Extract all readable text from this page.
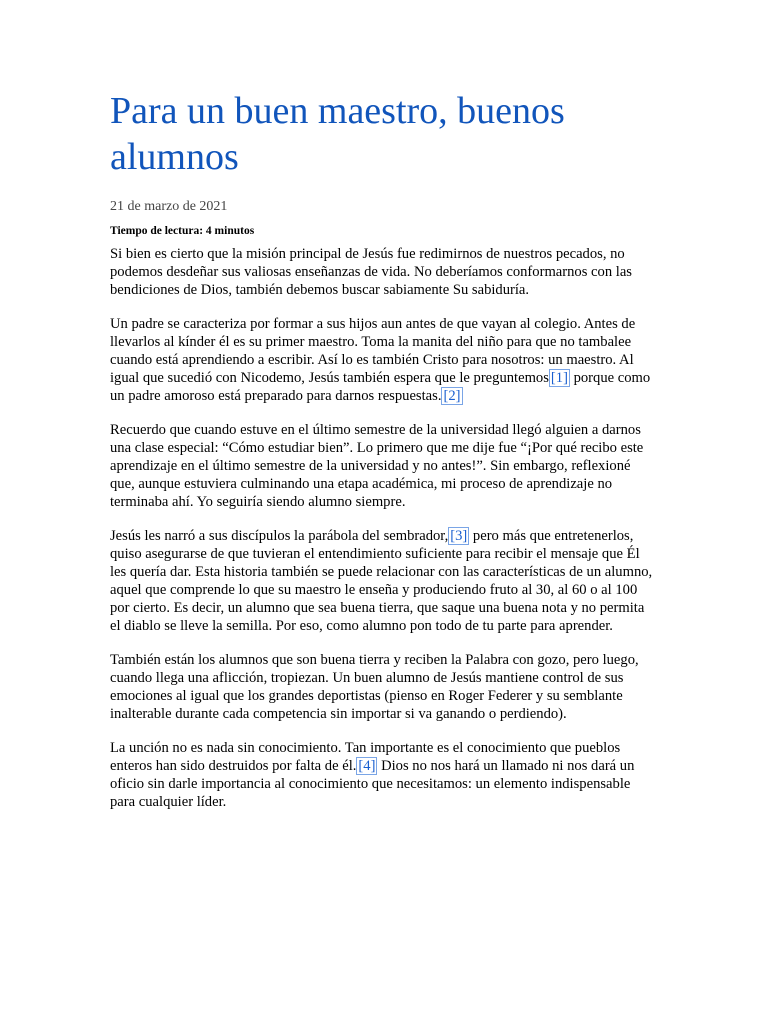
Para un buen maestro, buenos alumnos
21 de marzo de 2021
Tiempo de lectura: 4 minutos

Si bien es cierto que la misión principal de Jesús fue redimirnos de nuestros pecados, no podemos desdeñar sus valiosas enseñanzas de vida. No deberíamos conformarnos con las bendiciones de Dios, también debemos buscar sabiamente Su sabiduría.

Un padre se caracteriza por formar a sus hijos aun antes de que vayan al colegio. Antes de llevarlos al kínder él es su primer maestro. Toma la manita del niño para que no tambalee cuando está aprendiendo a escribir. Así lo es también Cristo para nosotros: un maestro. Al igual que sucedió con Nicodemo, Jesús también espera que le preguntemos [1] porque como un padre amoroso está preparado para darnos respuestas. [2]

Recuerdo que cuando estuve en el último semestre de la universidad llegó alguien a darnos una clase especial: “Cómo estudiar bien”. Lo primero que me dije fue “¡Por qué recibo este aprendizaje en el último semestre de la universidad y no antes!”. Sin embargo, reflexioné que, aunque estuviera culminando una etapa académica, mi proceso de aprendizaje no terminaba ahí. Yo seguiría siendo alumno siempre.

Jesús les narró a sus discípulos la parábola del sembrador, [3] pero más que entretenerlos, quiso asegurarse de que tuvieran el entendimiento suficiente para recibir el mensaje que Él les quería dar. Esta historia también se puede relacionar con las características de un alumno, aquel que comprende lo que su maestro le enseña y produciendo fruto al 30, al 60 o al 100 por cierto. Es decir, un alumno que sea buena tierra, que saque una buena nota y no permita el diablo se lleve la semilla. Por eso, como alumno pon todo de tu parte para aprender.

También están los alumnos que son buena tierra y reciben la Palabra con gozo, pero luego, cuando llega una aflicción, tropiezan. Un buen alumno de Jesús mantiene control de sus emociones al igual que los grandes deportistas (pienso en Roger Federer y su semblante inalterable durante cada competencia sin importar si va ganando o perdiendo).

La unción no es nada sin conocimiento. Tan importante es el conocimiento que pueblos enteros han sido destruidos por falta de él. [4] Dios no nos hará un llamado ni nos dará un oficio sin darle importancia al conocimiento que necesitamos: un elemento indispensable para cualquier líder.
